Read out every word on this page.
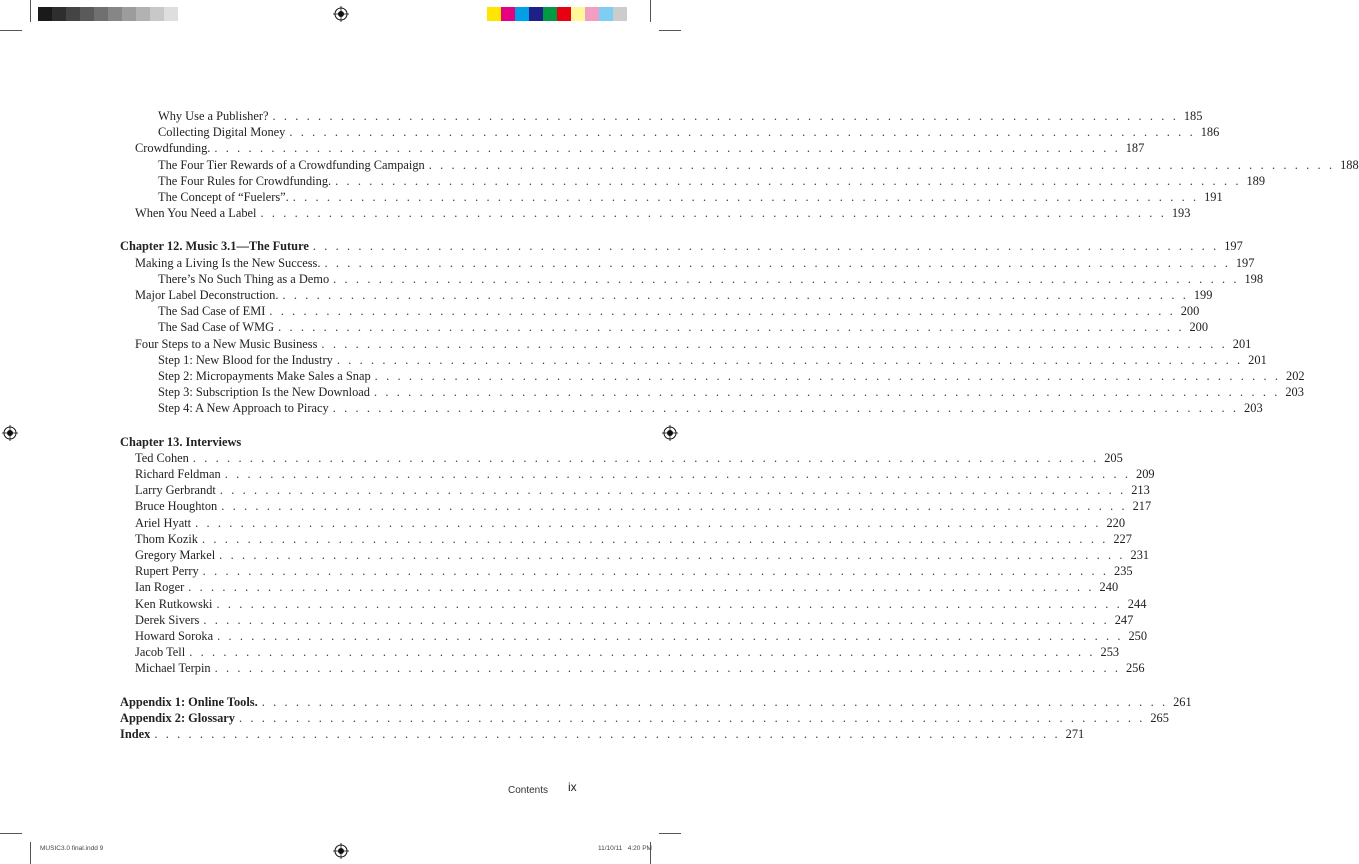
Why Use a Publisher? . . . . . . . . . . . . . . . . . . . . . . . . . . . . . . . . . . . . . . . . . . . . . . . . . . . . . . . . . . . . . . . . . . . . . . . . . . . . . . . . 185
Collecting Digital Money . . . . . . . . . . . . . . . . . . . . . . . . . . . . . . . . . . . . . . . . . . . . . . . . . . . . . . . . . . . . . . . . . . . . . . . . . . . . . . . . 186
Crowdfunding. . . . . . . . . . . . . . . . . . . . . . . . . . . . . . . . . . . . . . . . . . . . . . . . . . . . . . . . . . . . . . . . . . . . . . . . . . . . . . . . . 187
The Four Tier Rewards of a Crowdfunding Campaign . . . . . . . . . . . . . . . . . . . . . . . . . . . . . . . . . . . . . . . . . . . . . . . . . . . . . . . . . . . . . . . . . . . . . . . . . . . . . . . . 188
The Four Rules for Crowdfunding. . . . . . . . . . . . . . . . . . . . . . . . . . . . . . . . . . . . . . . . . . . . . . . . . . . . . . . . . . . . . . . . . . . . . . . . . . . . . . . . . 189
The Concept of “Fuelers”. . . . . . . . . . . . . . . . . . . . . . . . . . . . . . . . . . . . . . . . . . . . . . . . . . . . . . . . . . . . . . . . . . . . . . . . . . . . . . . . . 191
When You Need a Label . . . . . . . . . . . . . . . . . . . . . . . . . . . . . . . . . . . . . . . . . . . . . . . . . . . . . . . . . . . . . . . . . . . . . . . . . . . . . . . . 193
Chapter 12. Music 3.1—The Future . . . . . . . . . . . . . . . . . . . . . . . . . . . . . . . . . . . . . . . . . . . . . . . . . . . . . . . . . . . . . . . . . . . . . . . . . . . . . . . . 197
Making a Living Is the New Success. . . . . . . . . . . . . . . . . . . . . . . . . . . . . . . . . . . . . . . . . . . . . . . . . . . . . . . . . . . . . . . . . . . . . . . . . . . . . . . . . 197
There’s No Such Thing as a Demo . . . . . . . . . . . . . . . . . . . . . . . . . . . . . . . . . . . . . . . . . . . . . . . . . . . . . . . . . . . . . . . . . . . . . . . . . . . . . . . . 198
Major Label Deconstruction. . . . . . . . . . . . . . . . . . . . . . . . . . . . . . . . . . . . . . . . . . . . . . . . . . . . . . . . . . . . . . . . . . . . . . . . . . . . . . . . . 199
The Sad Case of EMI . . . . . . . . . . . . . . . . . . . . . . . . . . . . . . . . . . . . . . . . . . . . . . . . . . . . . . . . . . . . . . . . . . . . . . . . . . . . . . . . 200
The Sad Case of WMG . . . . . . . . . . . . . . . . . . . . . . . . . . . . . . . . . . . . . . . . . . . . . . . . . . . . . . . . . . . . . . . . . . . . . . . . . . . . . . . . 200
Four Steps to a New Music Business . . . . . . . . . . . . . . . . . . . . . . . . . . . . . . . . . . . . . . . . . . . . . . . . . . . . . . . . . . . . . . . . . . . . . . . . . . . . . . . . 201
Step 1: New Blood for the Industry . . . . . . . . . . . . . . . . . . . . . . . . . . . . . . . . . . . . . . . . . . . . . . . . . . . . . . . . . . . . . . . . . . . . . . . . . . . . . . . . 201
Step 2: Micropayments Make Sales a Snap . . . . . . . . . . . . . . . . . . . . . . . . . . . . . . . . . . . . . . . . . . . . . . . . . . . . . . . . . . . . . . . . . . . . . . . . . . . . . . . . 202
Step 3: Subscription Is the New Download . . . . . . . . . . . . . . . . . . . . . . . . . . . . . . . . . . . . . . . . . . . . . . . . . . . . . . . . . . . . . . . . . . . . . . . . . . . . . . . . 203
Step 4: A New Approach to Piracy . . . . . . . . . . . . . . . . . . . . . . . . . . . . . . . . . . . . . . . . . . . . . . . . . . . . . . . . . . . . . . . . . . . . . . . . . . . . . . . . 203
Chapter 13. Interviews
Ted Cohen . . . . . . . . . . . . . . . . . . . . . . . . . . . . . . . . . . . . . . . . . . . . . . . . . . . . . . . . . . . . . . . . . . . . . . . . . . . . . . . . 205
Richard Feldman . . . . . . . . . . . . . . . . . . . . . . . . . . . . . . . . . . . . . . . . . . . . . . . . . . . . . . . . . . . . . . . . . . . . . . . . . . . . . . . . 209
Larry Gerbrandt . . . . . . . . . . . . . . . . . . . . . . . . . . . . . . . . . . . . . . . . . . . . . . . . . . . . . . . . . . . . . . . . . . . . . . . . . . . . . . . . 213
Bruce Houghton . . . . . . . . . . . . . . . . . . . . . . . . . . . . . . . . . . . . . . . . . . . . . . . . . . . . . . . . . . . . . . . . . . . . . . . . . . . . . . . . 217
Ariel Hyatt . . . . . . . . . . . . . . . . . . . . . . . . . . . . . . . . . . . . . . . . . . . . . . . . . . . . . . . . . . . . . . . . . . . . . . . . . . . . . . . . 220
Thom Kozik . . . . . . . . . . . . . . . . . . . . . . . . . . . . . . . . . . . . . . . . . . . . . . . . . . . . . . . . . . . . . . . . . . . . . . . . . . . . . . . . 227
Gregory Markel . . . . . . . . . . . . . . . . . . . . . . . . . . . . . . . . . . . . . . . . . . . . . . . . . . . . . . . . . . . . . . . . . . . . . . . . . . . . . . . . 231
Rupert Perry . . . . . . . . . . . . . . . . . . . . . . . . . . . . . . . . . . . . . . . . . . . . . . . . . . . . . . . . . . . . . . . . . . . . . . . . . . . . . . . . 235
Ian Roger . . . . . . . . . . . . . . . . . . . . . . . . . . . . . . . . . . . . . . . . . . . . . . . . . . . . . . . . . . . . . . . . . . . . . . . . . . . . . . . . 240
Ken Rutkowski . . . . . . . . . . . . . . . . . . . . . . . . . . . . . . . . . . . . . . . . . . . . . . . . . . . . . . . . . . . . . . . . . . . . . . . . . . . . . . . . 244
Derek Sivers . . . . . . . . . . . . . . . . . . . . . . . . . . . . . . . . . . . . . . . . . . . . . . . . . . . . . . . . . . . . . . . . . . . . . . . . . . . . . . . . 247
Howard Soroka . . . . . . . . . . . . . . . . . . . . . . . . . . . . . . . . . . . . . . . . . . . . . . . . . . . . . . . . . . . . . . . . . . . . . . . . . . . . . . . . 250
Jacob Tell . . . . . . . . . . . . . . . . . . . . . . . . . . . . . . . . . . . . . . . . . . . . . . . . . . . . . . . . . . . . . . . . . . . . . . . . . . . . . . . . 253
Michael Terpin . . . . . . . . . . . . . . . . . . . . . . . . . . . . . . . . . . . . . . . . . . . . . . . . . . . . . . . . . . . . . . . . . . . . . . . . . . . . . . . . 256
Appendix 1: Online Tools. . . . . . . . . . . . . . . . . . . . . . . . . . . . . . . . . . . . . . . . . . . . . . . . . . . . . . . . . . . . . . . . . . . . . . . . . . . . . . . . . 261
Appendix 2: Glossary . . . . . . . . . . . . . . . . . . . . . . . . . . . . . . . . . . . . . . . . . . . . . . . . . . . . . . . . . . . . . . . . . . . . . . . . . . . . . . . . 265
Index . . . . . . . . . . . . . . . . . . . . . . . . . . . . . . . . . . . . . . . . . . . . . . . . . . . . . . . . . . . . . . . . . . . . . . . . . . . . . . . . 271
Contents ix
MUSIC3.0 final.indd 9	11/10/11   4:20 PM
